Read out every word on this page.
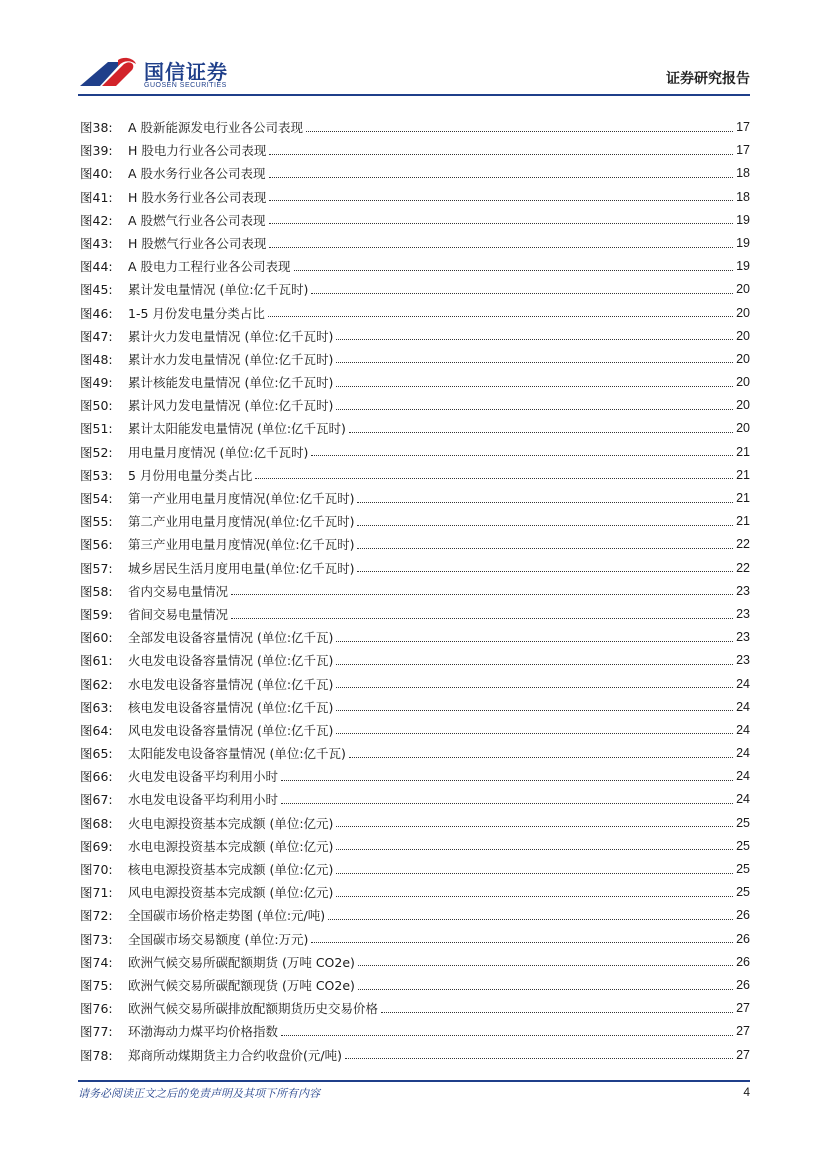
国信证券
GUOSEN SECURITIES	证券研究报告
图38:	A 股新能源发电行业各公司表现	17
图39:	H 股电力行业各公司表现	17
图40:	A 股水务行业各公司表现	18
图41:	H 股水务行业各公司表现	18
图42:	A 股燃气行业各公司表现	19
图43:	H 股燃气行业各公司表现	19
图44:	A 股电力工程行业各公司表现	19
图45:	累计发电量情况 (单位:亿千瓦时)	20
图46:	1-5 月份发电量分类占比	20
图47:	累计火力发电量情况 (单位:亿千瓦时)	20
图48:	累计水力发电量情况 (单位:亿千瓦时)	20
图49:	累计核能发电量情况 (单位:亿千瓦时)	20
图50:	累计风力发电量情况 (单位:亿千瓦时)	20
图51:	累计太阳能发电量情况 (单位:亿千瓦时)	20
图52:	用电量月度情况 (单位:亿千瓦时)	21
图53:	5 月份用电量分类占比	21
图54:	第一产业用电量月度情况(单位:亿千瓦时)	21
图55:	第二产业用电量月度情况(单位:亿千瓦时)	21
图56:	第三产业用电量月度情况(单位:亿千瓦时)	22
图57:	城乡居民生活月度用电量(单位:亿千瓦时)	22
图58:	省内交易电量情况	23
图59:	省间交易电量情况	23
图60:	全部发电设备容量情况 (单位:亿千瓦)	23
图61:	火电发电设备容量情况 (单位:亿千瓦)	23
图62:	水电发电设备容量情况 (单位:亿千瓦)	24
图63:	核电发电设备容量情况 (单位:亿千瓦)	24
图64:	风电发电设备容量情况 (单位:亿千瓦)	24
图65:	太阳能发电设备容量情况 (单位:亿千瓦)	24
图66:	火电发电设备平均利用小时	24
图67:	水电发电设备平均利用小时	24
图68:	火电电源投资基本完成额 (单位:亿元)	25
图69:	水电电源投资基本完成额 (单位:亿元)	25
图70:	核电电源投资基本完成额 (单位:亿元)	25
图71:	风电电源投资基本完成额 (单位:亿元)	25
图72:	全国碳市场价格走势图 (单位:元/吨)	26
图73:	全国碳市场交易额度 (单位:万元)	26
图74:	欧洲气候交易所碳配额期货 (万吨 CO2e)	26
图75:	欧洲气候交易所碳配额现货 (万吨 CO2e)	26
图76:	欧洲气候交易所碳排放配额期货历史交易价格	27
图77:	环渤海动力煤平均价格指数	27
图78:	郑商所动煤期货主力合约收盘价(元/吨)	27
请务必阅读正文之后的免责声明及其项下所有内容	4
